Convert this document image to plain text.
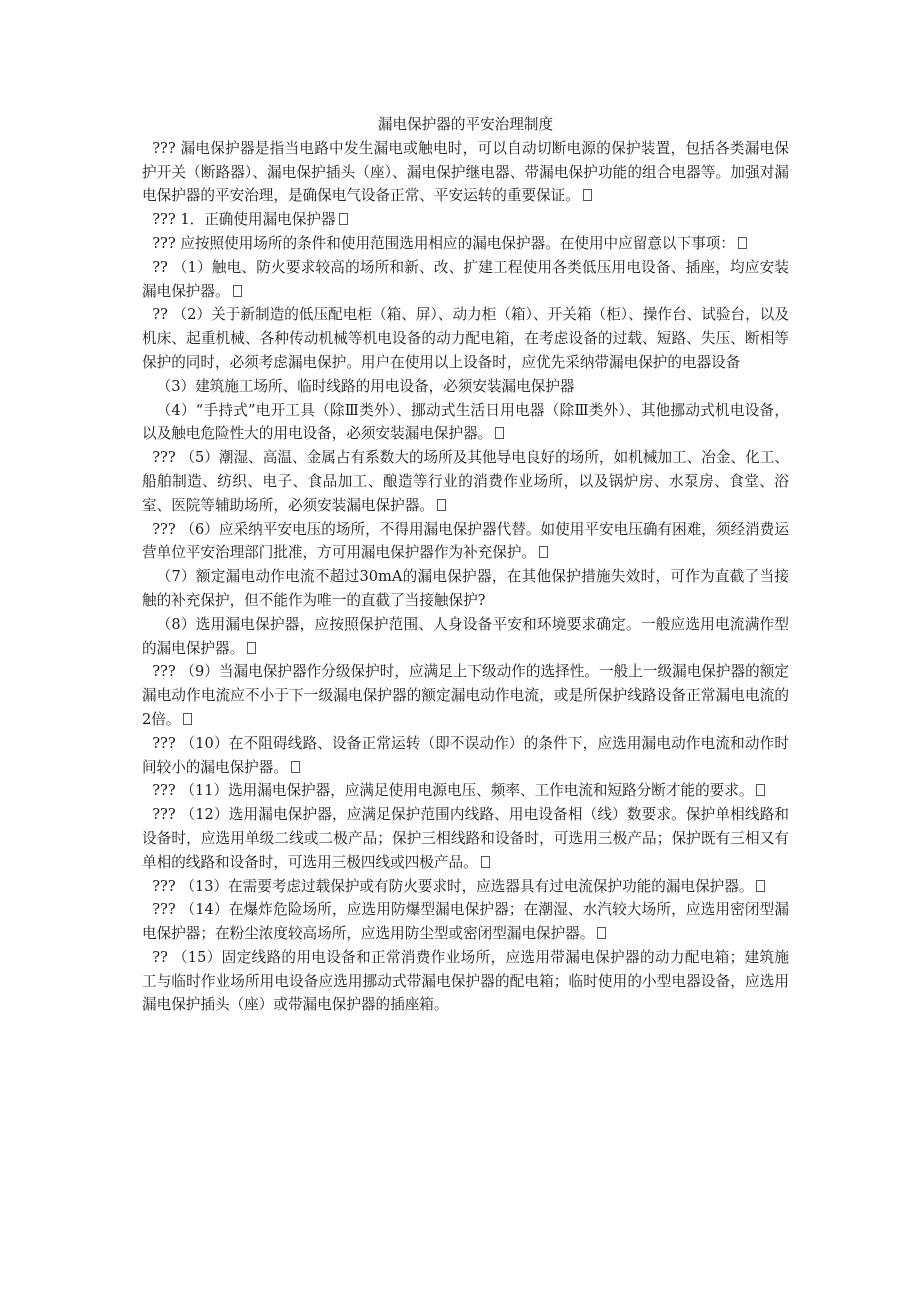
漏电保护器的平安治理制度

??? 漏电保护器是指当电路中发生漏电或触电时，可以自动切断电源的保护装置，包括各类漏电保护开关（断路器）、漏电保护插头（座）、漏电保护继电器、带漏电保护功能的组合电器等。加强对漏电保护器的平安治理，是确保电气设备正常、平安运转的重要保证。

??? 1．正确使用漏电保护器

??? 应按照使用场所的条件和使用范围选用相应的漏电保护器。在使用中应留意以下事项：

?? （1）触电、防火要求较高的场所和新、改、扩建工程使用各类低压用电设备、插座，均应安装漏电保护器。

?? （2）关于新制造的低压配电柜（箱、屏）、动力柜（箱）、开关箱（柜）、操作台、试验台，以及机床、起重机械、各种传动机械等机电设备的动力配电箱，在考虑设备的过载、短路、失压、断相等保护的同时，必须考虑漏电保护。用户在使用以上设备时，应优先采纳带漏电保护的电器设备

（3）建筑施工场所、临时线路的用电设备，必须安装漏电保护器

（4）“手持式”电开工具（除Ⅲ类外）、挪动式生活日用电器（除Ⅲ类外）、其他挪动式机电设备，以及触电危险性大的用电设备，必须安装漏电保护器。

??? （5）潮湿、高温、金属占有系数大的场所及其他导电良好的场所，如机械加工、冶金、化工、船舶制造、纺织、电子、食品加工、酿造等行业的消费作业场所，以及锅炉房、水泵房、食堂、浴室、医院等辅助场所，必须安装漏电保护器。

??? （6）应采纳平安电压的场所，不得用漏电保护器代替。如使用平安电压确有困难，须经消费运营单位平安治理部门批准，方可用漏电保护器作为补充保护。

（7）额定漏电动作电流不超过30mA的漏电保护器，在其他保护措施失效时，可作为直截了当接触的补充保护，但不能作为唯一的直截了当接触保护?

（8）选用漏电保护器，应按照保护范围、人身设备平安和环境要求确定。一般应选用电流满作型的漏电保护器。

??? （9）当漏电保护器作分级保护时，应满足上下级动作的选择性。一般上一级漏电保护器的额定漏电动作电流应不小于下一级漏电保护器的额定漏电动作电流，或是所保护线路设备正常漏电电流的2倍。

??? （10）在不阻碍线路、设备正常运转（即不误动作）的条件下，应选用漏电动作电流和动作时间较小的漏电保护器。

??? （11）选用漏电保护器，应满足使用电源电压、频率、工作电流和短路分断才能的要求。

??? （12）选用漏电保护器，应满足保护范围内线路、用电设备相（线）数要求。保护单相线路和设备时，应选用单级二线或二极产品；保护三相线路和设备时，可选用三极产品；保护既有三相又有单相的线路和设备时，可选用三极四线或四极产品。

??? （13）在需要考虑过载保护或有防火要求时，应选器具有过电流保护功能的漏电保护器。

??? （14）在爆炸危险场所，应选用防爆型漏电保护器；在潮湿、水汽较大场所，应选用密闭型漏电保护器；在粉尘浓度较高场所，应选用防尘型或密闭型漏电保护器。

?? （15）固定线路的用电设备和正常消费作业场所，应选用带漏电保护器的动力配电箱；建筑施工与临时作业场所用电设备应选用挪动式带漏电保护器的配电箱；临时使用的小型电器设备，应选用漏电保护插头（座）或带漏电保护器的插座箱。
